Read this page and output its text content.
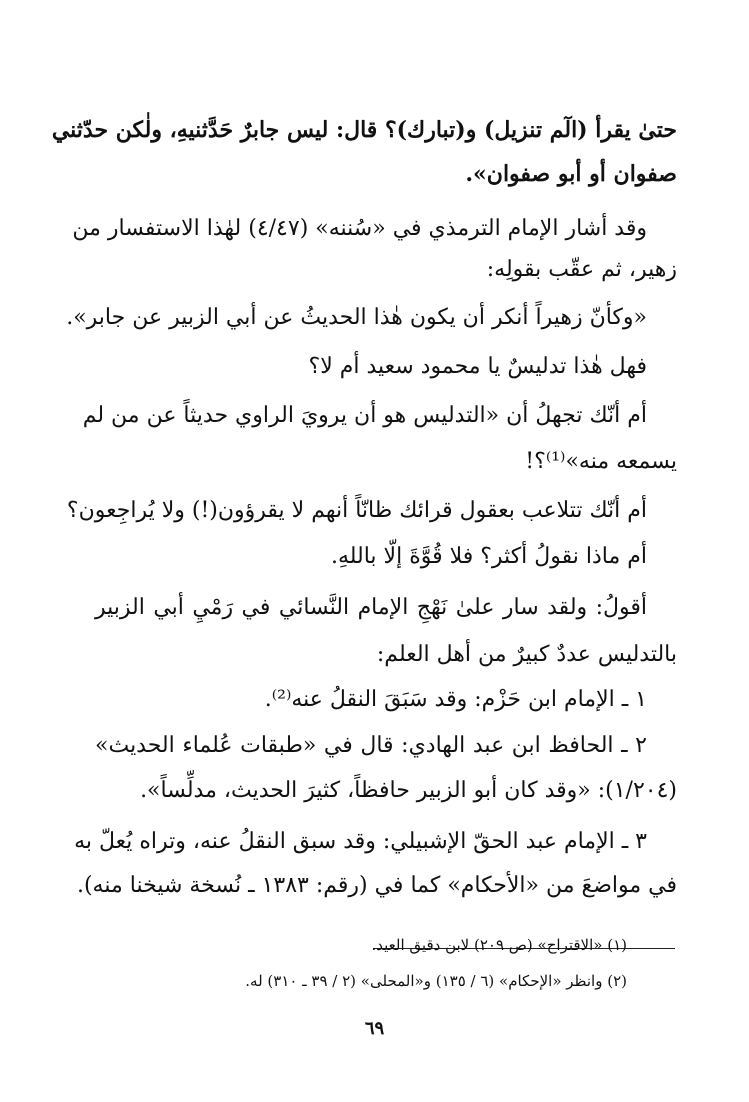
حتىٰ يقرأ (الٓم تنزيل) و(تبارك)؟ قال: ليس جابرٌ حَدَّثنيهِ، ولٰكن حدّثني
صفوان أو أبو صفوان».
وقد أشار الإمام الترمذي في «سُننه» (٤/٤٧) لهٰذا الاستفسار من
زهير، ثم عقّب بقولِه:
«وكأنّ زهيراً أنكر أن يكون هٰذا الحديثُ عن أبي الزبير عن جابر».
فهل هٰذا تدليسٌ يا محمود سعيد أم لا؟
أم أنّك تجهلُ أن «التدليس هو أن يرويَ الراوي حديثاً عن من لم
يسمعه منه»⁽¹⁾؟!
أم أنّك تتلاعب بعقول قرائك ظانّاً أنهم لا يقرؤون(!) ولا يُراجِعون؟
أم ماذا نقولُ أكثر؟ فلا قُوَّةَ إلّا باللهِ.
أقولُ: ولقد سار علىٰ نَهْجِ الإمام النَّسائي في رَمْيِ أبي الزبير
بالتدليس عددٌ كبيرٌ من أهل العلم:
١ ـ الإمام ابن حَزْم: وقد سَبَقَ النقلُ عنه⁽²⁾.
٢ ـ الحافظ ابن عبد الهادي: قال في «طبقات عُلماء الحديث»
(١/٢٠٤): «وقد كان أبو الزبير حافظاً، كثيرَ الحديث، مدلِّساً».
٣ ـ الإمام عبد الحقّ الإشبيلي: وقد سبق النقلُ عنه، وتراه يُعلّ به
في مواضعَ من «الأحكام» كما في (رقم: ١٣٨٣ ـ نُسخة شيخنا منه).
(١) «الاقتراح» (ص ٢٠٩) لابن دقيق العيد.
(٢) وانظر «الإحكام» (٦ / ١٣٥) و«المحلى» (٢ / ٣٩ ـ ٣١٠) له.
٦٩
